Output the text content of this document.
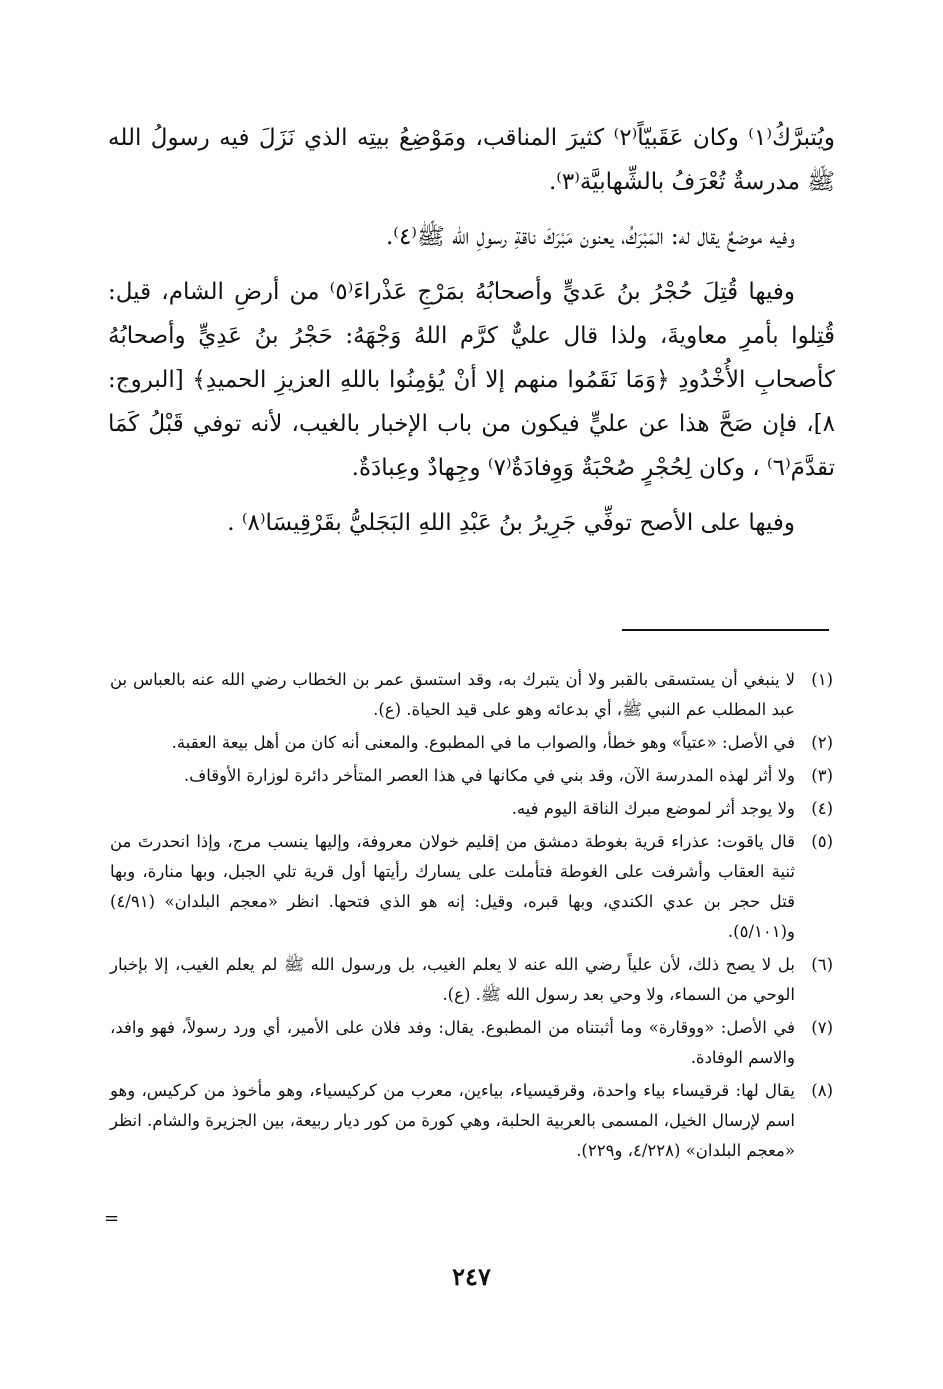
ويُتبرَّكُ⁽١⁾ وكان عَقَبيّاً⁽٢⁾ كثيرَ المناقب، ومَوْضِعُ بيتِه الذي نَزَلَ فيه رسولُ الله ﷺ مدرسةٌ تُعْرَفُ بالشِّهابيَّة⁽٣⁾.

وفيه موضعٌ يقال له: المَبْرَكُ، يعنون مَبْرَكَ ناقةِ رسولِ الله ﷺ⁽٤⁾.

وفيها قُتِلَ حُجْرُ بنُ عَديٍّ وأصحابُهُ بمَرْجِ عَذْراءَ⁽٥⁾ من أرضِ الشام، قيل: قُتِلوا بأمرِ معاويةَ، ولذا قال عليٌّ كرَّم اللهُ وَجْهَهُ: حَجْرُ بنُ عَدِيٍّ وأصحابُهُ كأصحابِ الأُخْدُودِ ﴿وَمَا نَقَمُوا منهم إلا أنْ يُؤمِنُوا باللهِ العزيزِ الحميدِ﴾ [البروج: ٨]، فإن صَحَّ هذا عن عليٍّ فيكون من باب الإخبار بالغيب، لأنه توفي قَبْلُ كَمَا تقدَّمَ⁽٦⁾ ، وكان لِحُجْرٍ صُحْبَةٌ وَوِفادَةٌ⁽٧⁾ وجِهادٌ وعِبادَةٌ.

وفيها على الأصح توفِّي جَرِيرُ بنُ عَبْدِ اللهِ البَجَليُّ بقَرْقِيسَا⁽٨⁾ .

(١)لا ينبغي أن يستسقى بالقبر ولا أن يتبرك به، وقد استسق عمر بن الخطاب رضي الله عنه بالعباس بن عبد المطلب عم النبي ﷺ، أي بدعائه وهو على قيد الحياة. (ع).

(٢)في الأصل: «عتياً» وهو خطأ، والصواب ما في المطبوع. والمعنى أنه كان من أهل بيعة العقبة.

(٣)ولا أثر لهذه المدرسة الآن، وقد بني في مكانها في هذا العصر المتأخر دائرة لوزارة الأوقاف.

(٤)ولا يوجد أثر لموضع مبرك الناقة اليوم فيه.

(٥)قال ياقوت: عذراء قرية بغوطة دمشق من إقليم خولان معروفة، وإليها ينسب مرج، وإذا انحدرتَ من ثنية العقاب وأشرفت على الغوطة فتأملت على يسارك رأيتها أول قرية تلي الجبل، وبها منارة، وبها قتل حجر بن عدي الكندي، وبها قبره، وقيل: إنه هو الذي فتحها. انظر «معجم البلدان» (٤/٩١) و(٥/١٠١).

(٦)بل لا يصح ذلك، لأن علياً رضي الله عنه لا يعلم الغيب، بل ورسول الله ﷺ لم يعلم الغيب، إلا بإخبار الوحي من السماء، ولا وحي بعد رسول الله ﷺ. (ع).

(٧)في الأصل: «ووقارة» وما أثبتناه من المطبوع. يقال: وفد فلان على الأمير، أي ورد رسولاً، فهو وافد، والاسم الوفادة.

(٨)يقال لها: قرقيساء بياء واحدة، وقرقيسياء، بياءين، معرب من كركيسياء، وهو مأخوذ من كركيس، وهو اسم لإرسال الخيل، المسمى بالعربية الحلبة، وهي كورة من كور ديار ربيعة، بين الجزيرة والشام. انظر «معجم البلدان» (٤/٢٢٨، و٢٢٩).

=
٢٤٧
